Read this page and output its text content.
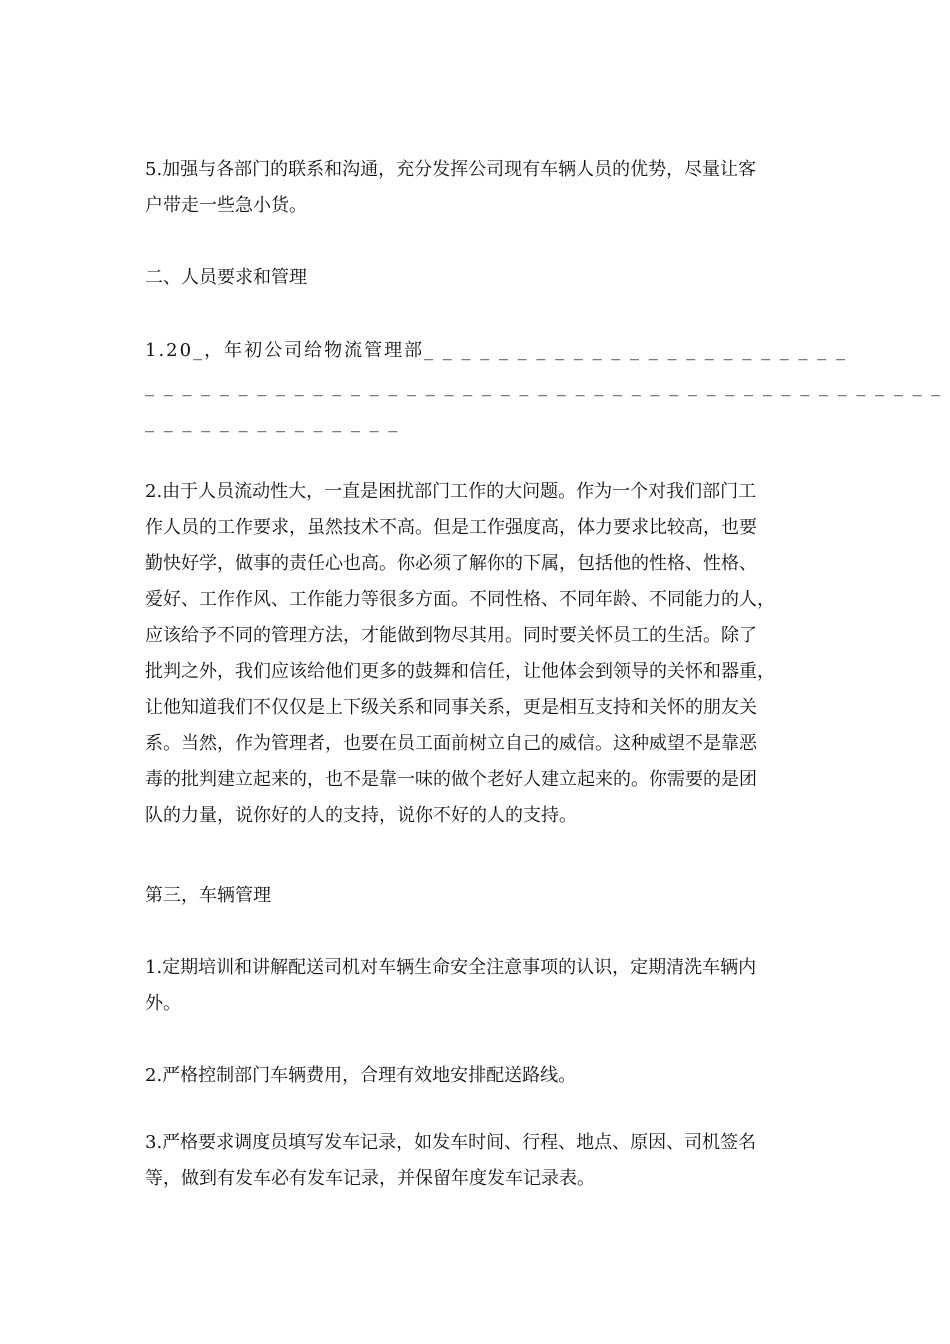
5.加强与各部门的联系和沟通，充分发挥公司现有车辆人员的优势，尽量让客
户带走一些急小货。
二、人员要求和管理
1.20_，年初公司给物流管理部_ _ _ _ _ _ _ _ _ _ _ _ _ _ _ _ _ _ _ _ _ _ _
_ _ _ _ _ _ _ _ _ _ _ _ _ _ _ _ _ _ _ _ _ _ _ _ _ _ _ _ _ _ _ _ _ _ _ _ _ _ _ _ _ _ _
_ _ _ _ _ _ _ _ _ _ _ _ _ _
2.由于人员流动性大，一直是困扰部门工作的大问题。作为一个对我们部门工
作人员的工作要求，虽然技术不高。但是工作强度高，体力要求比较高，也要
勤快好学，做事的责任心也高。你必须了解你的下属，包括他的性格、性格、
爱好、工作作风、工作能力等很多方面。不同性格、不同年龄、不同能力的人，
应该给予不同的管理方法，才能做到物尽其用。同时要关怀员工的生活。除了
批判之外，我们应该给他们更多的鼓舞和信任，让他体会到领导的关怀和器重，
让他知道我们不仅仅是上下级关系和同事关系，更是相互支持和关怀的朋友关
系。当然，作为管理者，也要在员工面前树立自己的威信。这种威望不是靠恶
毒的批判建立起来的，也不是靠一味的做个老好人建立起来的。你需要的是团
队的力量，说你好的人的支持，说你不好的人的支持。
第三，车辆管理
1.定期培训和讲解配送司机对车辆生命安全注意事项的认识，定期清洗车辆内
外。
2.严格控制部门车辆费用，合理有效地安排配送路线。
3.严格要求调度员填写发车记录，如发车时间、行程、地点、原因、司机签名
等，做到有发车必有发车记录，并保留年度发车记录表。
